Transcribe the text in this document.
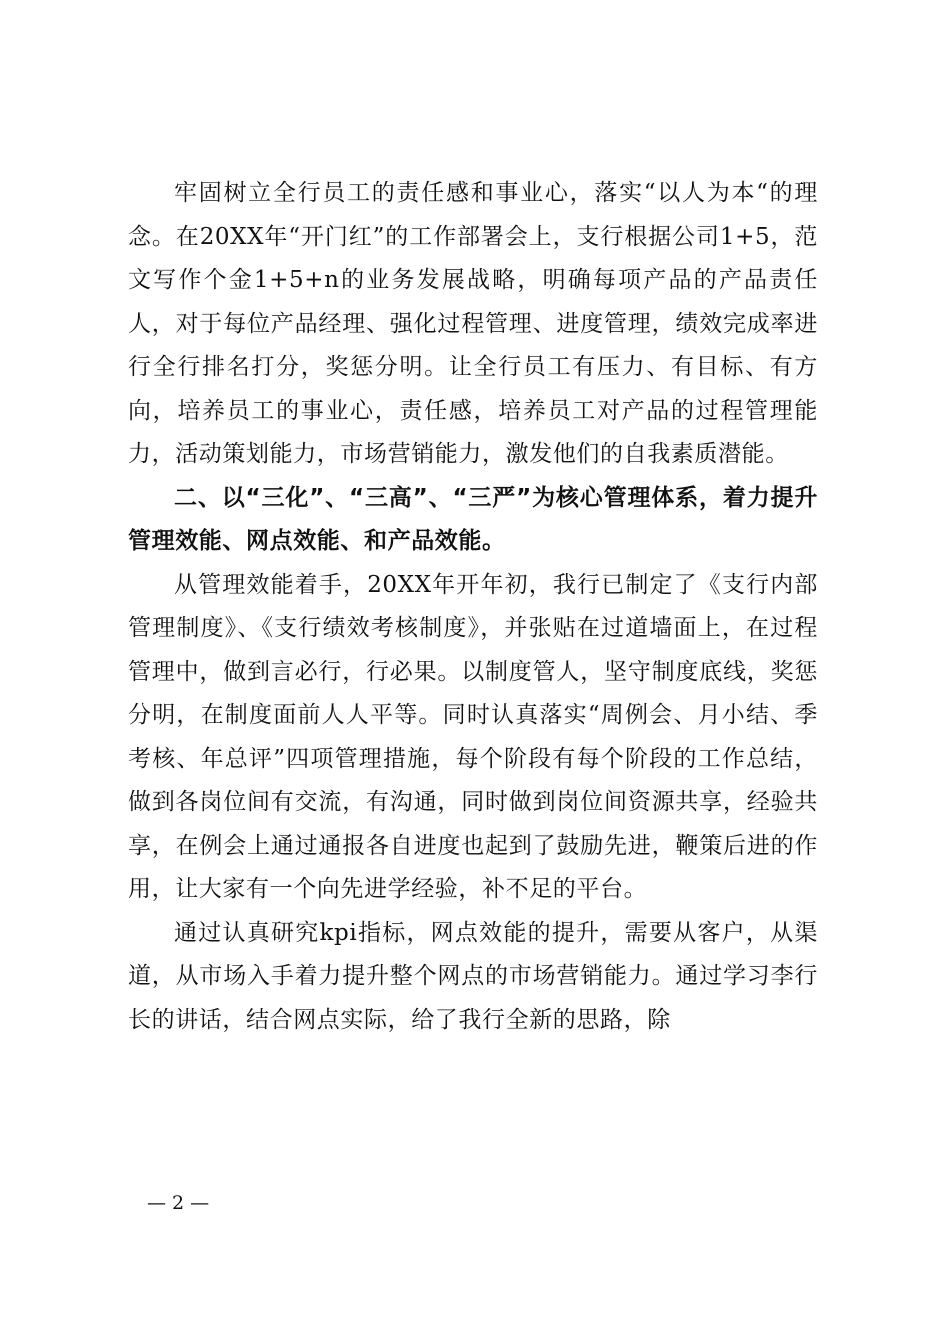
牢固树立全行员工的责任感和事业心，落实“以人为本“的理念。在20XX年“开门红”的工作部署会上，支行根据公司1+5，范文写作个金1+5+n的业务发展战略，明确每项产品的产品责任人，对于每位产品经理、强化过程管理、进度管理，绩效完成率进行全行排名打分，奖惩分明。让全行员工有压力、有目标、有方向，培养员工的事业心，责任感，培养员工对产品的过程管理能力，活动策划能力，市场营销能力，激发他们的自我素质潜能。

二、以“三化”、“三高”、“三严”为核心管理体系，着力提升管理效能、网点效能、和产品效能。

从管理效能着手，20XX年开年初，我行已制定了《支行内部管理制度》、《支行绩效考核制度》，并张贴在过道墙面上，在过程管理中，做到言必行，行必果。以制度管人，坚守制度底线，奖惩分明，在制度面前人人平等。同时认真落实“周例会、月小结、季考核、年总评”四项管理措施，每个阶段有每个阶段的工作总结，做到各岗位间有交流，有沟通，同时做到岗位间资源共享，经验共享，在例会上通过通报各自进度也起到了鼓励先进，鞭策后进的作用，让大家有一个向先进学经验，补不足的平台。

通过认真研究kpi指标，网点效能的提升，需要从客户，从渠道，从市场入手着力提升整个网点的市场营销能力。通过学习李行长的讲话，结合网点实际，给了我行全新的思路，除

— 2 —
